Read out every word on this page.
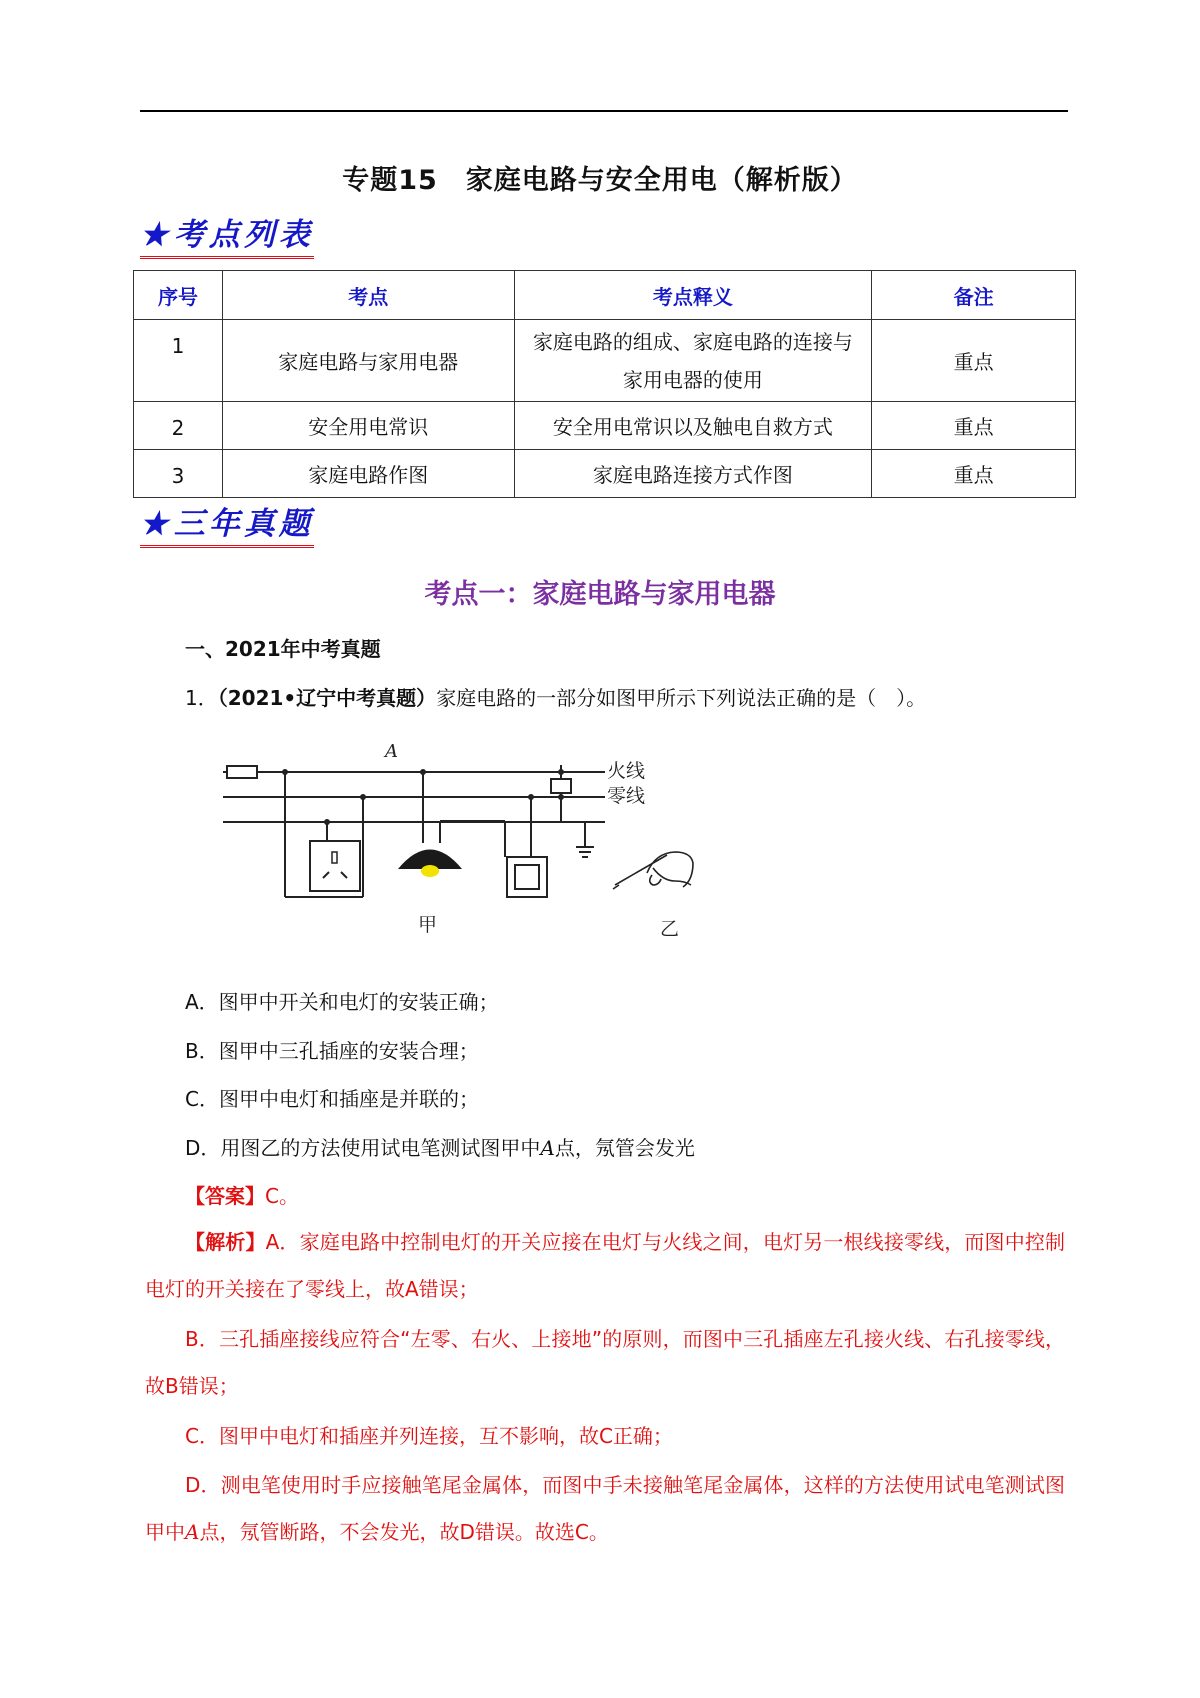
专题15　家庭电路与安全用电（解析版）
★考点列表
序号	考点	考点释义	备注
1	家庭电路与家用电器	家庭电路的组成、家庭电路的连接与
家用电器的使用	重点
2	安全用电常识	安全用电常识以及触电自救方式	重点
3	家庭电路作图	家庭电路连接方式作图	重点
★三年真题
考点一：家庭电路与家用电器
一、2021年中考真题
1．（2021•辽宁中考真题）家庭电路的一部分如图甲所示下列说法正确的是（　）。
A
火线
零线
甲	乙
A．图甲中开关和电灯的安装正确；
B．图甲中三孔插座的安装合理；
C．图甲中电灯和插座是并联的；
D．用图乙的方法使用试电笔测试图甲中A点，氖管会发光
【答案】C。
【解析】A．家庭电路中控制电灯的开关应接在电灯与火线之间，电灯另一根线接零线，而图中控制电灯的开关接在了零线上，故A错误；
B．三孔插座接线应符合“左零、右火、上接地”的原则，而图中三孔插座左孔接火线、右孔接零线，故B错误；
C．图甲中电灯和插座并列连接，互不影响，故C正确；
D．测电笔使用时手应接触笔尾金属体，而图中手未接触笔尾金属体，这样的方法使用试电笔测试图甲中A点，氖管断路，不会发光，故D错误。故选C。
